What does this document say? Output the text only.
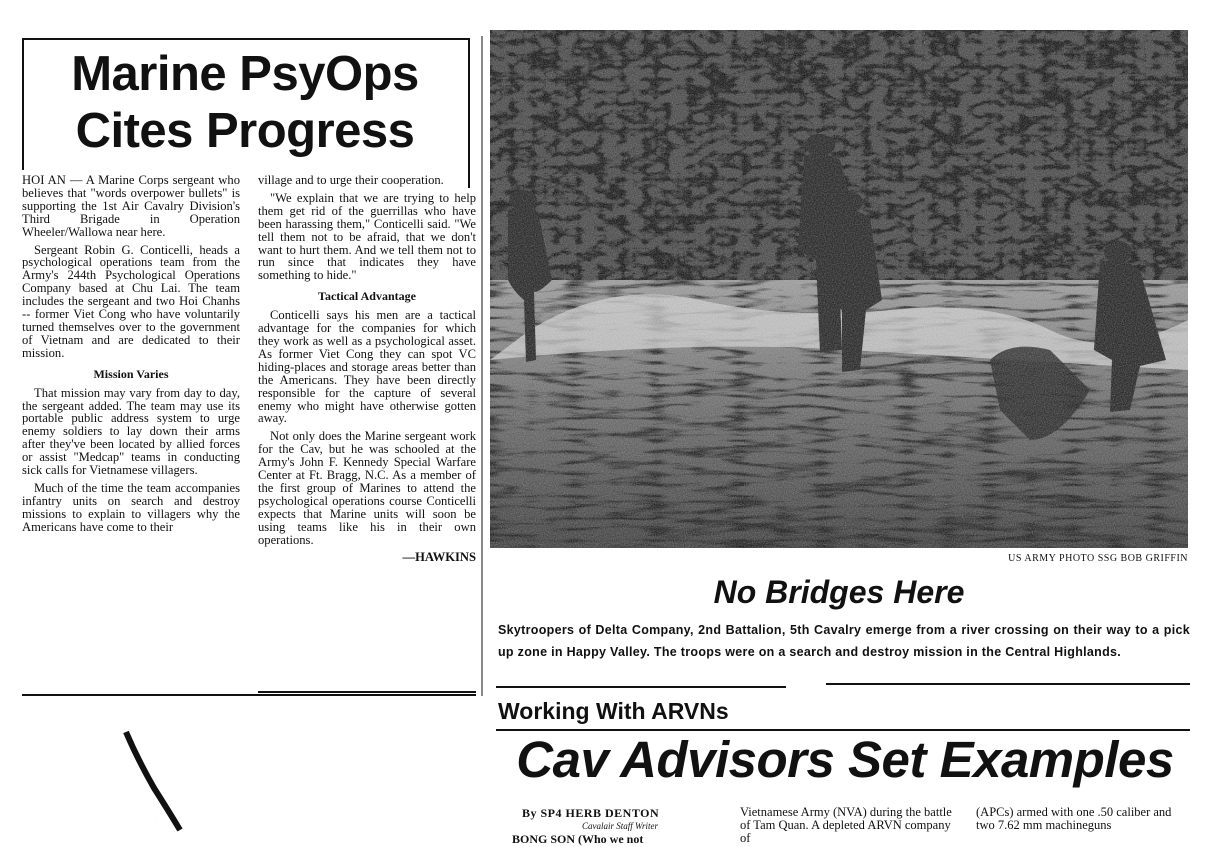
Marine PsyOps
Cites Progress

HOI AN — A Marine Corps sergeant who believes that "words overpower bullets" is supporting the 1st Air Cavalry Division's Third Brigade in Operation Wheeler/Wallowa near here.

Sergeant Robin G. Conticelli, heads a psychological operations team from the Army's 244th Psychological Operations Company based at Chu Lai. The team includes the sergeant and two Hoi Chanhs -- former Viet Cong who have voluntarily turned themselves over to the government of Vietnam and are dedicated to their mission.

Mission Varies

That mission may vary from day to day, the sergeant added. The team may use its portable public address system to urge enemy soldiers to lay down their arms after they've been located by allied forces or assist "Medcap" teams in conducting sick calls for Vietnamese villagers.

Much of the time the team accompanies infantry units on search and destroy missions to explain to villagers why the Americans have come to their

village and to urge their cooperation.

"We explain that we are trying to help them get rid of the guerrillas who have been harassing them," Conticelli said. "We tell them not to be afraid, that we don't want to hurt them. And we tell them not to run since that indicates they have something to hide."

Tactical Advantage

Conticelli says his men are a tactical advantage for the companies for which they work as well as a psychological asset. As former Viet Cong they can spot VC hiding-places and storage areas better than the Americans. They have been directly responsible for the capture of several enemy who might have otherwise gotten away.

Not only does the Marine sergeant work for the Cav, but he was schooled at the Army's John F. Kennedy Special Warfare Center at Ft. Bragg, N.C. As a member of the first group of Marines to attend the psychological operations course Conticelli expects that Marine units will soon be using teams like his in their own operations.

—HAWKINS	US ARMY PHOTO SSG BOB GRIFFIN
No Bridges Here
Skytroopers of Delta Company, 2nd Battalion, 5th Cavalry emerge from a river crossing on their way to a pick up zone in Happy Valley. The troops were on a search and destroy mission in the Central Highlands.
Working With ARVNs
Cav Advisors Set Examples
By SP4 HERB DENTON
Cavalair Staff Writer
BONG SON (Who we not
Vietnamese Army (NVA) during the battle of Tam Quan. A depleted ARVN company of
(APCs) armed with one .50 caliber and two 7.62 mm machineguns
